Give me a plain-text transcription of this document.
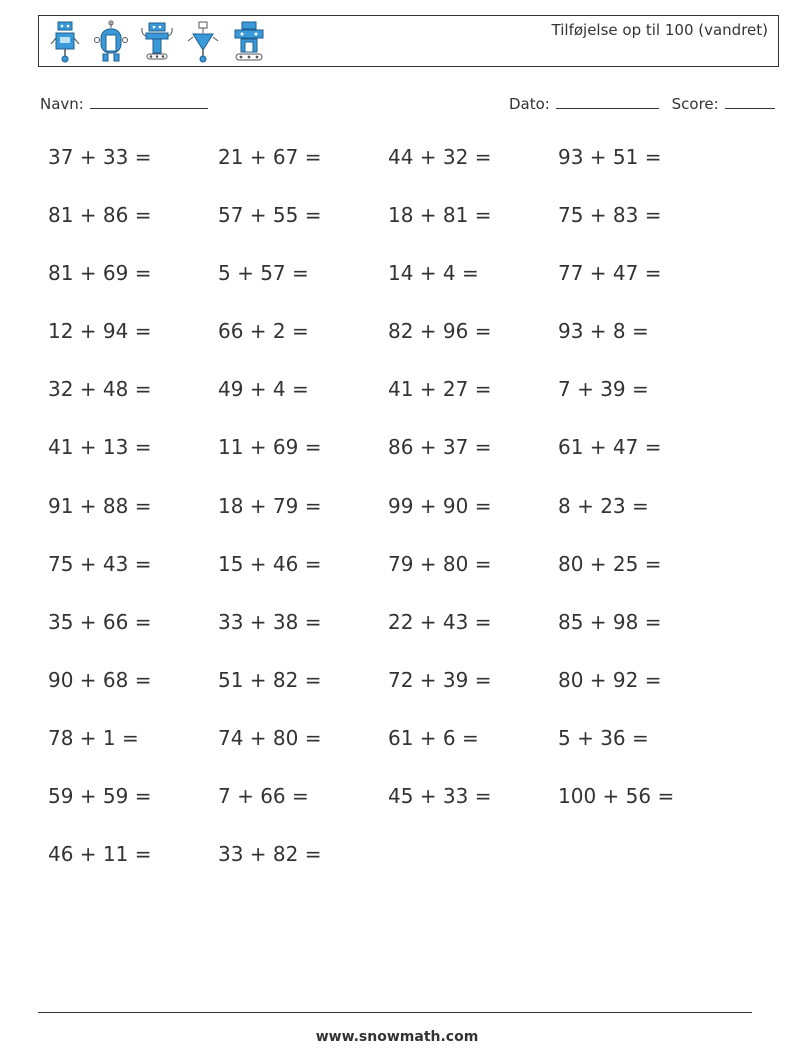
Tilføjelse op til 100 (vandret)
Navn:	Dato:	Score:
37 + 33 =	21 + 67 =	44 + 32 =	93 + 51 =
81 + 86 =	57 + 55 =	18 + 81 =	75 + 83 =
81 + 69 =	5 + 57 =	14 + 4 =	77 + 47 =
12 + 94 =	66 + 2 =	82 + 96 =	93 + 8 =
32 + 48 =	49 + 4 =	41 + 27 =	7 + 39 =
41 + 13 =	11 + 69 =	86 + 37 =	61 + 47 =
91 + 88 =	18 + 79 =	99 + 90 =	8 + 23 =
75 + 43 =	15 + 46 =	79 + 80 =	80 + 25 =
35 + 66 =	33 + 38 =	22 + 43 =	85 + 98 =
90 + 68 =	51 + 82 =	72 + 39 =	80 + 92 =
78 + 1 =	74 + 80 =	61 + 6 =	5 + 36 =
59 + 59 =	7 + 66 =	45 + 33 =	100 + 56 =
46 + 11 =	33 + 82 =
www.snowmath.com
